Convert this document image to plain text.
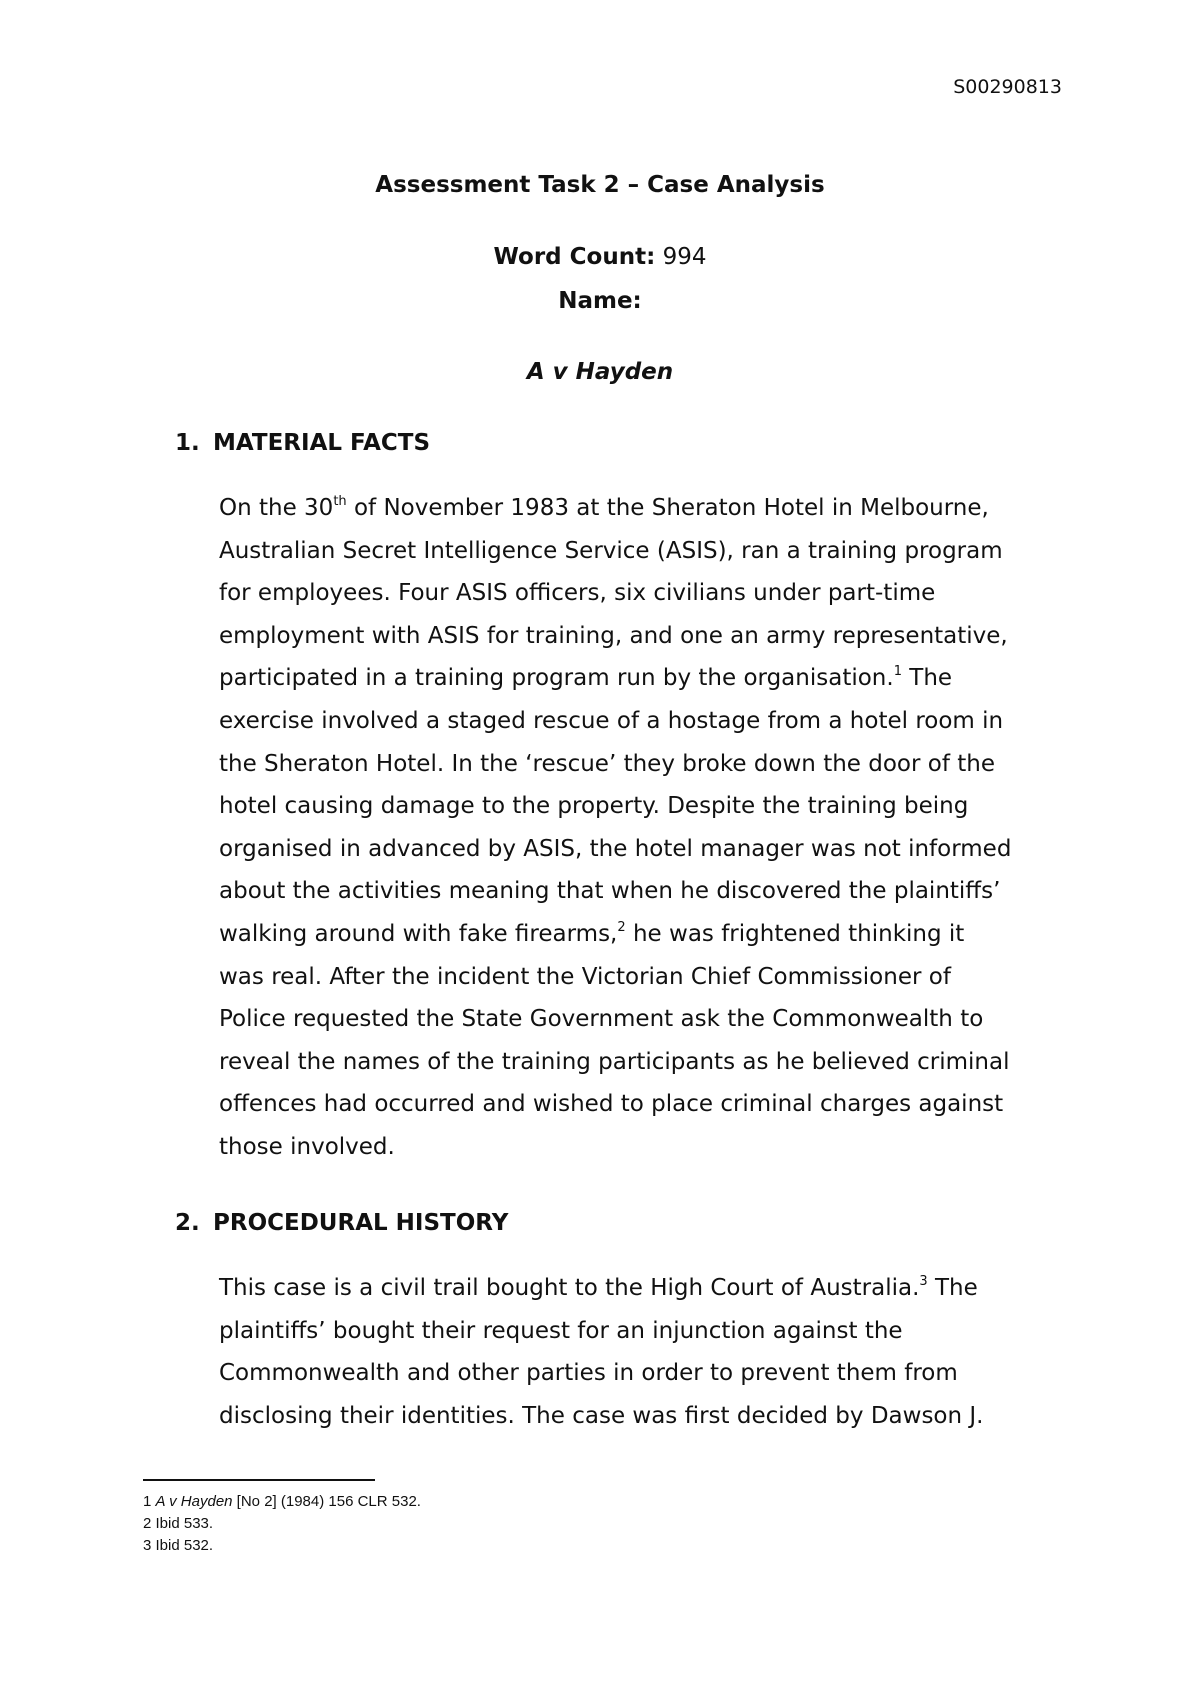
S00290813
Assessment Task 2 – Case Analysis
Word Count: 994
Name:
A v Hayden
1. MATERIAL FACTS
On the 30th of November 1983 at the Sheraton Hotel in Melbourne,
Australian Secret Intelligence Service (ASIS), ran a training program
for employees. Four ASIS officers, six civilians under part-time
employment with ASIS for training, and one an army representative,
participated in a training program run by the organisation.$^1$ The
exercise involved a staged rescue of a hostage from a hotel room in
the Sheraton Hotel. In the ‘rescue’ they broke down the door of the
hotel causing damage to the property. Despite the training being
organised in advanced by ASIS, the hotel manager was not informed
about the activities meaning that when he discovered the plaintiffs’
walking around with fake firearms,$^2$ he was frightened thinking it
was real. After the incident the Victorian Chief Commissioner of
Police requested the State Government ask the Commonwealth to
reveal the names of the training participants as he believed criminal
offences had occurred and wished to place criminal charges against
those involved.
2. PROCEDURAL HISTORY
This case is a civil trail bought to the High Court of Australia.$^3$ The
plaintiffs’ bought their request for an injunction against the
Commonwealth and other parties in order to prevent them from
disclosing their identities. The case was first decided by Dawson J.
1 A v Hayden [No 2] (1984) 156 CLR 532.
2 Ibid 533.
3 Ibid 532.
